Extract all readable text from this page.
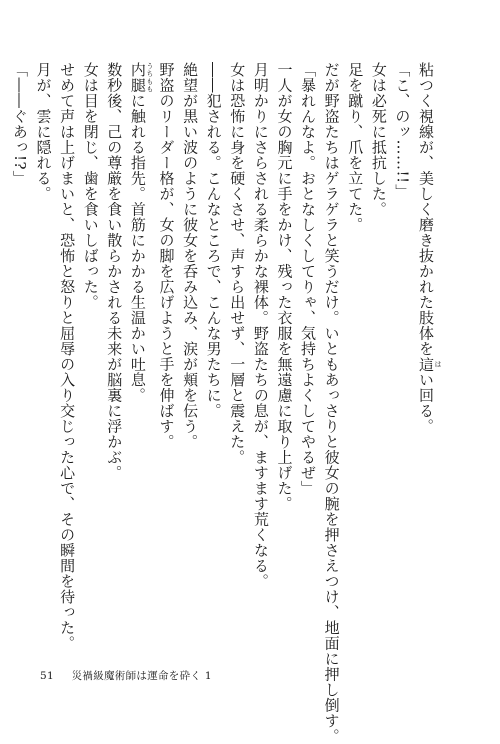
粘つく視線が、美しく磨き抜かれた肢体を這 はい回る。
「こ、のッ……!!」
女は必死に抵抗した。
足を蹴り、爪を立てた。
だが野盗たちはゲラゲラと笑うだけ。いともあっさりと彼女の腕を押さえつけ、地面に押し倒す。
「暴れんなよ。おとなしくしてりゃ、気持ちよくしてやるぜ」
一人が女の胸元に手をかけ、残った衣服を無遠慮に取り上げた。
月明かりにさらされる柔らかな裸体。野盗たちの息が、ますます荒くなる。
女は恐怖に身を硬くさせ、声すら出せず、一層と震えた。
――犯される。こんなところで、こんな男たちに。
絶望が黒い波のように彼女を呑み込み、涙が頬を伝う。
野盗のリーダー格が、女の脚を広げようと手を伸ばす。
内腿 うちももに触れる指先。首筋にかかる生温かい吐息。
数秒後、己の尊厳を食い散らかされる未来が脳裏に浮かぶ。
女は目を閉じ、歯を食いしばった。
せめて声は上げまいと、恐怖と怒りと屈辱の入り交じった心で、その瞬間を待った。
月が、雲に隠れる。
「――ぐあっ!?」
51 災禍級魔術師は運命を砕く 1
